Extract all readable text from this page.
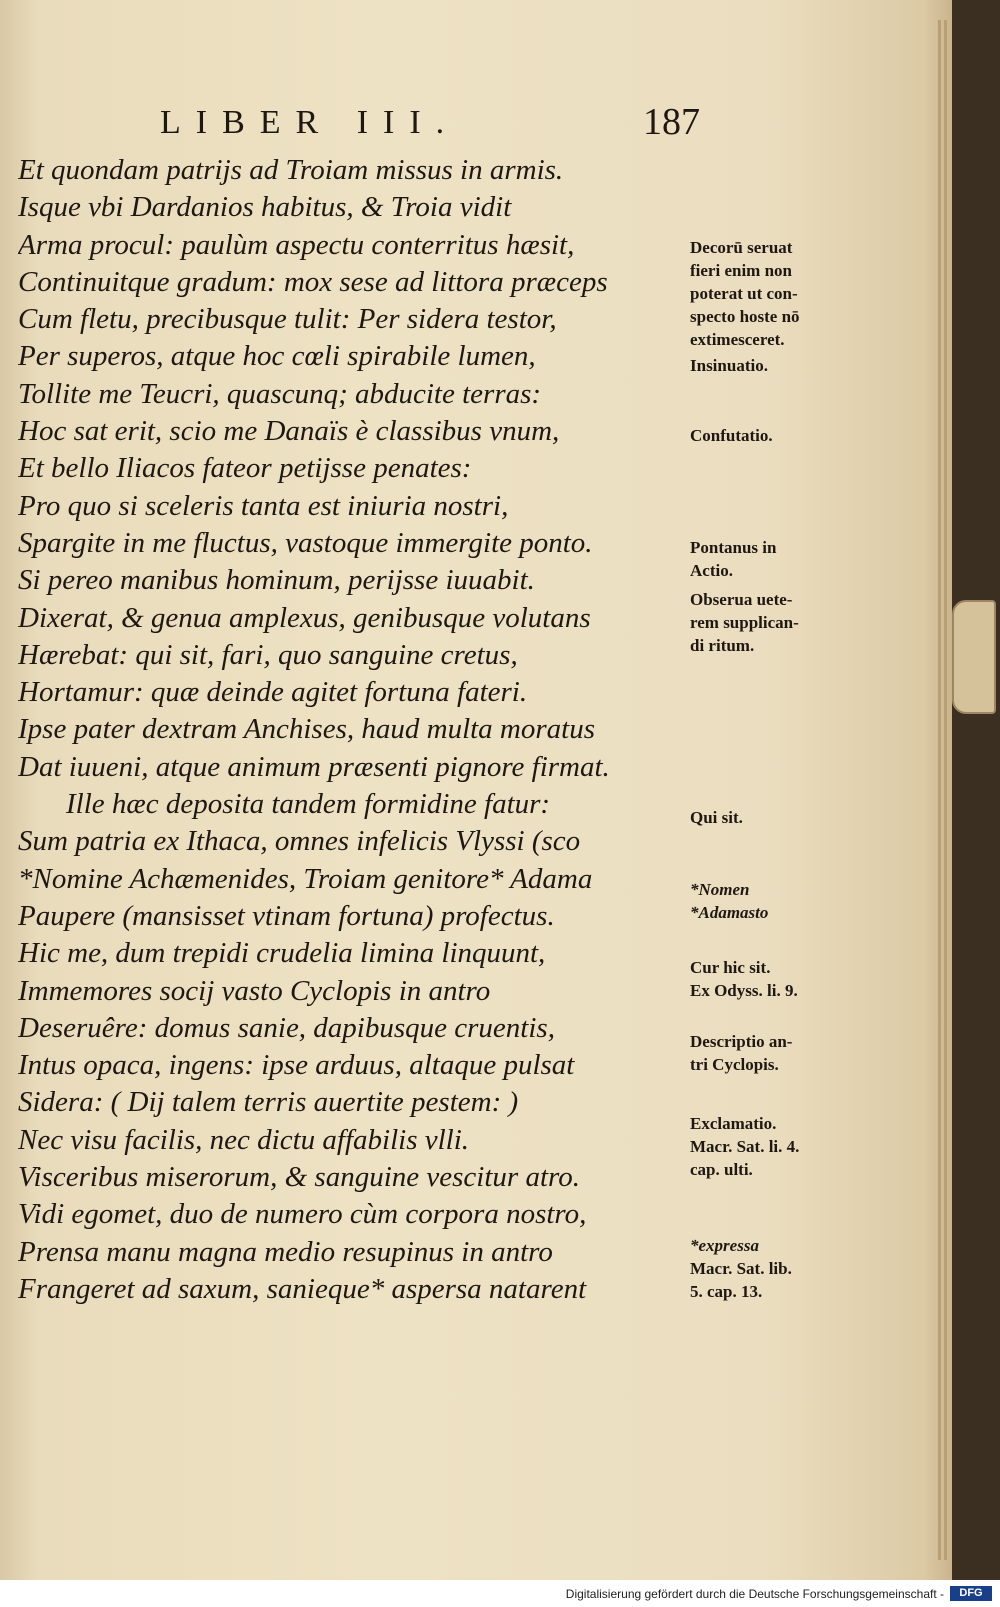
LIBER III.	187
Et quondam patrijs ad Troiam missus in armis.
Isque vbi Dardanios habitus, & Troia vidit
Arma procul: paulùm aspectu conterritus hæsit,
Continuitque gradum: mox sese ad littora præceps
Cum fletu, precibusque tulit: Per sidera testor,
Per superos, atque hoc cœli spirabile lumen,
Tollite me Teucri, quascunq; abducite terras:
Hoc sat erit, scio me Danaïs è classibus vnum,
Et bello Iliacos fateor petijsse penates:
Pro quo si sceleris tanta est iniuria nostri,
Spargite in me fluctus, vastoque immergite ponto.
Si pereo manibus hominum, perijsse iuuabit.
Dixerat, & genua amplexus, genibusque volutans
Hærebat: qui sit, fari, quo sanguine cretus,
Hortamur: quæ deinde agitet fortuna fateri.
Ipse pater dextram Anchises, haud multa moratus
Dat iuueni, atque animum præsenti pignore firmat.
Ille hæc deposita tandem formidine fatur:
Sum patria ex Ithaca, omnes infelicis Vlyssi (sco
*Nomine Achæmenides, Troiam genitore* Adama
Paupere (mansisset vtinam fortuna) profectus.
Hic me, dum trepidi crudelia limina linquunt,
Immemores socij vasto Cyclopis in antro
Deseruêre: domus sanie, dapibusque cruentis,
Intus opaca, ingens: ipse arduus, altaque pulsat
Sidera: ( Dij talem terris auertite pestem: )
Nec visu facilis, nec dictu affabilis vlli.
Visceribus miserorum, & sanguine vescitur atro.
Vidi egomet, duo de numero cùm corpora nostro,
Prensa manu magna medio resupinus in antro
Frangeret ad saxum, sanieque* aspersa natarent
Decorū seruat
fieri enim non
poterat ut con-
specto hoste nō
extimesceret.
Insinuatio.
Confutatio.
Pontanus in
Actio.
Obserua uete-
rem supplican-
di ritum.
Qui sit.
*Nomen
*Adamasto
Cur hic sit.
Ex Odyss. li. 9.
Descriptio an-
tri Cyclopis.
Exclamatio.
Macr. Sat. li. 4.
cap. ulti.
*expressa
Macr. Sat. lib.
5. cap. 13.
Digitalisierung gefördert durch die Deutsche Forschungsgemeinschaft -	DFG
